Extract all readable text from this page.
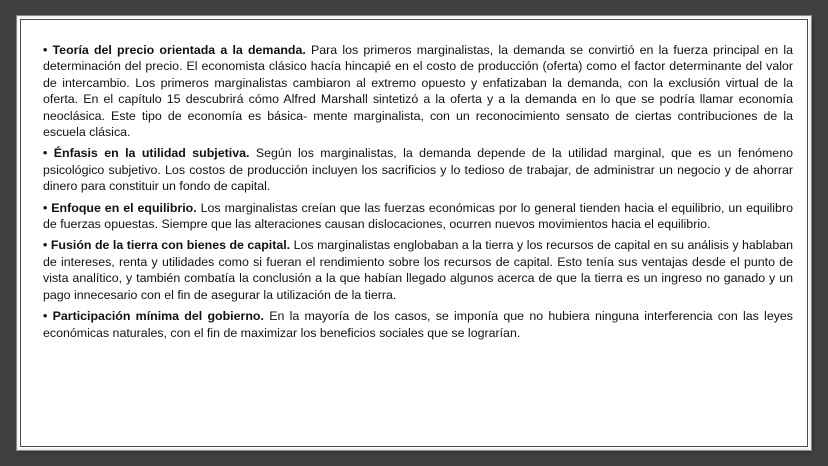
• Teoría del precio orientada a la demanda. Para los primeros marginalistas, la demanda se convirtió en la fuerza principal en la determinación del precio. El economista clásico hacía hincapié en el costo de producción (oferta) como el factor determinante del valor de intercambio. Los primeros marginalistas cambiaron al extremo opuesto y enfatizaban la demanda, con la exclusión virtual de la oferta. En el capítulo 15 descubrirá cómo Alfred Marshall sintetizó a la oferta y a la demanda en lo que se podría llamar economía neoclásica. Este tipo de economía es básica- mente marginalista, con un reconocimiento sensato de ciertas contribuciones de la escuela clásica.

• Énfasis en la utilidad subjetiva. Según los marginalistas, la demanda depende de la utilidad marginal, que es un fenómeno psicológico subjetivo. Los costos de producción incluyen los sacrificios y lo tedioso de trabajar, de administrar un negocio y de ahorrar dinero para constituir un fondo de capital.

• Enfoque en el equilibrio. Los marginalistas creían que las fuerzas económicas por lo general tienden hacia el equilibrio, un equilibro de fuerzas opuestas. Siempre que las alteraciones causan dislocaciones, ocurren nuevos movimientos hacia el equilibrio.

• Fusión de la tierra con bienes de capital. Los marginalistas englobaban a la tierra y los recursos de capital en su análisis y hablaban de intereses, renta y utilidades como si fueran el rendimiento sobre los recursos de capital. Esto tenía sus ventajas desde el punto de vista analítico, y también combatía la conclusión a la que habían llegado algunos acerca de que la tierra es un ingreso no ganado y un pago innecesario con el fin de asegurar la utilización de la tierra.

• Participación mínima del gobierno. En la mayoría de los casos, se imponía que no hubiera ninguna interferencia con las leyes económicas naturales, con el fin de maximizar los beneficios sociales que se lograrían.
